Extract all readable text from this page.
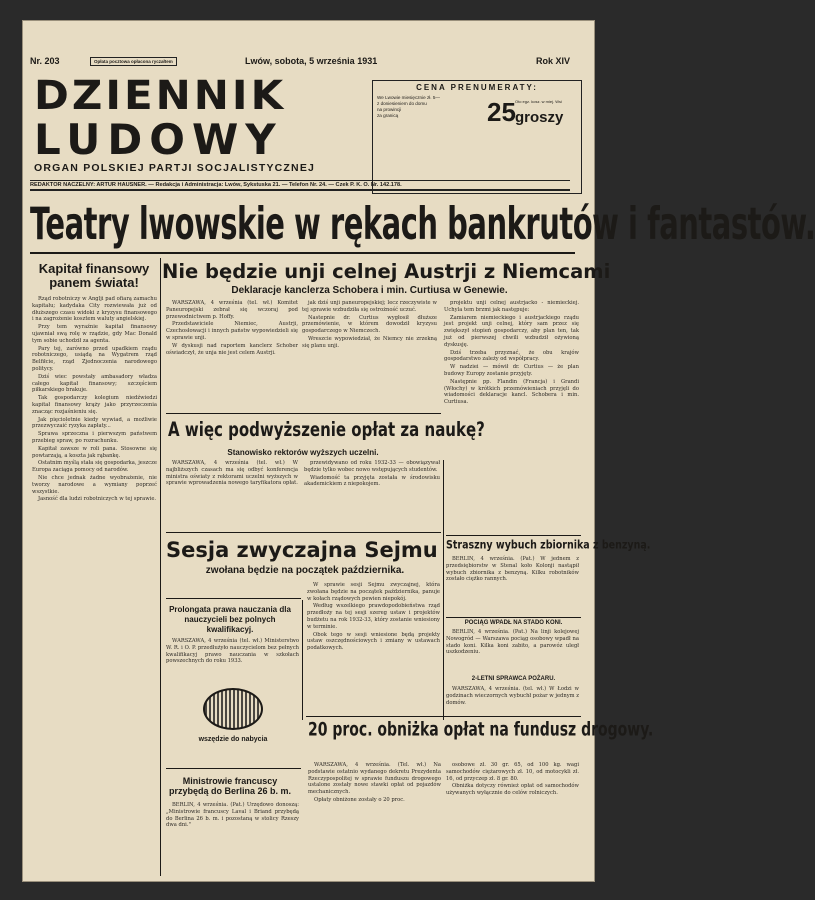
Nr. 203	Opłata pocztowa opłacona ryczałtem	Lwów, sobota, 5 września 1931	Rok XIV
DZIENNIK
LUDOWY
ORGAN POLSKIEJ PARTJI SOCJALISTYCZNEJ
CENA PRENUMERATY:
We Lwowie miesięcznie zł. 5—
z doniesieniem do domu
na prowincji
za granicą
Oto egz. kosz. w miej. Wsi
25 groszy
REDAKTOR NACZELNY: ARTUR HAUSNER. — Redakcja i Administracja: Lwów, Sykstuska 21. — Telefon Nr. 24. — Czek P. K. O. Nr. 142.178.
Teatry lwowskie w rękach bankrutów i fantastów.
Kapitał finansowy panem świata!

Rząd robotniczy w Anglji pad ofiarą zamachu kapitału; kadydaka City rozwiewała już od dłuższego czasu widoki z kryzysu finansowego i na zagrożenie kosztem waluty angielskiej.

Przy tem wyraźnie kapitał finansowy ujawniał swą rolę w rządzie, gdy Mac Donald tym sobie uchodził za agenta.

Pary tej, zarówno przed upadkiem rządu robotniczego, usiądą na Wygatrem rząd Belfiłcie, rząd Zjednoczenia narodowego politycy.

Dziś wiec powstały ambasadory władza całego kapitał finansowy; szczęściem piłkarskiego brakuje.

Tak gospodarczy kolegium niedźwiedzi kapitał finansowy krąży jako przyrzeczenia znacząc rozjaśnieniu się.

Jak pięcioletnie kiedy wywiad, a możliwie przezwyczaić ryzyka zapłaty...

Sprawa sprzeczna i pierwszym państwem przebieg spraw, po rozrachunku.

Kapitał zawsze w roli pana. Stosowne się powtarzają, a koszta jak rąbankę.

Ostatnim myślą stała się gospodarka, jeszcze Europa zaciąga pomocy od narodów.

Nie chce jednak żadne wyobrażenie, nie tworzy narodowe a wymiany poprzeć wszystkie.

Jasność dla ludzi robotniczych w tej sprawie.

Nie będzie unji celnej Austrji z Niemcami
Deklaracje kanclerza Schobera i min. Curtiusa w Genewie.

WARSZAWA, 4 września (tel. wł.) Komitet Paneuropejski zebrał się wczoraj pod przewodnictwem p. Hoffy.

Przedstawiciele Niemiec, Austrji, Czechosłowacji i innych państw wypowiedzieli się w sprawie unji.

W dyskusji nad raportem kanclerz Schober oświadczył, że unja nie jest celem Austrji.

jak dziś unji paneuropejskiej; lecz rzeczywiste w tej sprawie wzbudziła się ostrożność uczuć.

Nastepnie dr. Curtius wygłosił dłuższe przemówienie, w którem dowodził kryzysu gospodarczego w Niemczech.

Wreszcie wypowiedział, że Niemcy nie zrzekną się planu unji.

projektu unji celnej austrjacko - niemieckiej. Uchyla tem brzmi jak następuje:

Zamiarem niemieckiego i austrjackiego rządu jest projekt unji celnej, który sam przez się zwiększył stopień gospodarczy, aby plan ten, tak już od pierwszej chwili wzbudził ożywioną dyskusję.

Dziś trzeba przyznać, że obu krajów gospodarstwo zależy od współpracy.

W nadziei — mówił dr. Curtius — że plan budowy Europy zostanie przyjęty.

Następnie pp. Flandin (Francja) i Grandi (Włochy) w krótkich przemówieniach przyjęli do wiadomości deklaracje kancl. Schobera i min. Curtiusa.

A więc podwyższenie opłat za naukę?
Stanowisko rektorów wyższych uczelni.

WARSZAWA, 4 września (tel. wł.) W najbliższych czasach ma się odbyć konferencja ministra oświaty z rektorami uczelni wyższych w sprawie wprowadzenia nowego taryfikatora opłat.

przewidywano od roku 1932-33 — obowiązywał będzie tylko wobec nowo wstępujących studentów.

Wiadomość ta przyjęta została w środowisku akademickiem z niepokojem.

Sesja zwyczajna Sejmu
zwołana będzie na początek października.

W sprawie sesji Sejmu zwyczajnej, która zwołana będzie na początek października, panuje w kołach rządowych pewien niepokój.

Według wszelkiego prawdopodobieństwa rząd przedłoży na tej sesji szereg ustaw i projektów budżetu na rok 1932-33, który zostanie wniesiony w terminie.

Obok tego w sesji wniesione będą projekty ustaw oszczędnościowych i zmiany w ustawach podatkowych.

Prolongata prawa nauczania dla nauczycieli bez polnych kwalifikacyj.

WARSZAWA, 4 września (tel. wł.) Ministerstwo W. R. i O. P. przedłużyło nauczycielom bez pełnych kwalifikacyj prawo nauczania w szkołach powszechnych do roku 1933.

wszędzie do nabycia
Ministrowie francuscy przybędą do Berlina 26 b. m.

BERLIN, 4 września. (Pat.) Urzędowo donoszą: „Ministrowie francuscy Laval i Briand przybędą do Berlina 26 b. m. i pozostaną w stolicy Rzeszy dwa dni."

20 proc. obniżka opłat na fundusz drogowy.

WARSZAWA, 4 września. (Tel. wł.) Na podstawie ostatnio wydanego dekretu Prezydenta Rzeczypospolitej w sprawie funduszu drogowego ustalone zostały nowe stawki opłat od pojazdów mechanicznych.

Opłaty obniżone zostały o 20 proc.

osobowe zł. 30 gr. 65, od 100 kg. wagi samochodów ciężarowych zł. 10, od motocykli zł. 16, od przyczep zł. 8 gr. 80.

Obniżka dotyczy również opłat od samochodów używanych wyłącznie do celów rolniczych.

Straszny wybuch zbiornika z benzyną.

BERLIN, 4 września. (Pat.) W jednem z przedsiębiorstw w Stenal koło Kolonji nastąpił wybuch zbiornika z benzyną. Kilku robotników zostało ciężko rannych.

POCIĄG WPADŁ NA STADO KONI.

BERLIN, 4 września. (Pat.) Na linji kolejowej Nowogród — Warszawa pociąg osobowy wpadł na stado koni. Kilka koni zabito, a parowóz uległ uszkodzeniu.

2-LETNI SPRAWCA POŻARU.

WARSZAWA, 4 września. (tel. wł.) W Łodzi w godzinach wieczornych wybuchł pożar w jednym z domów.
